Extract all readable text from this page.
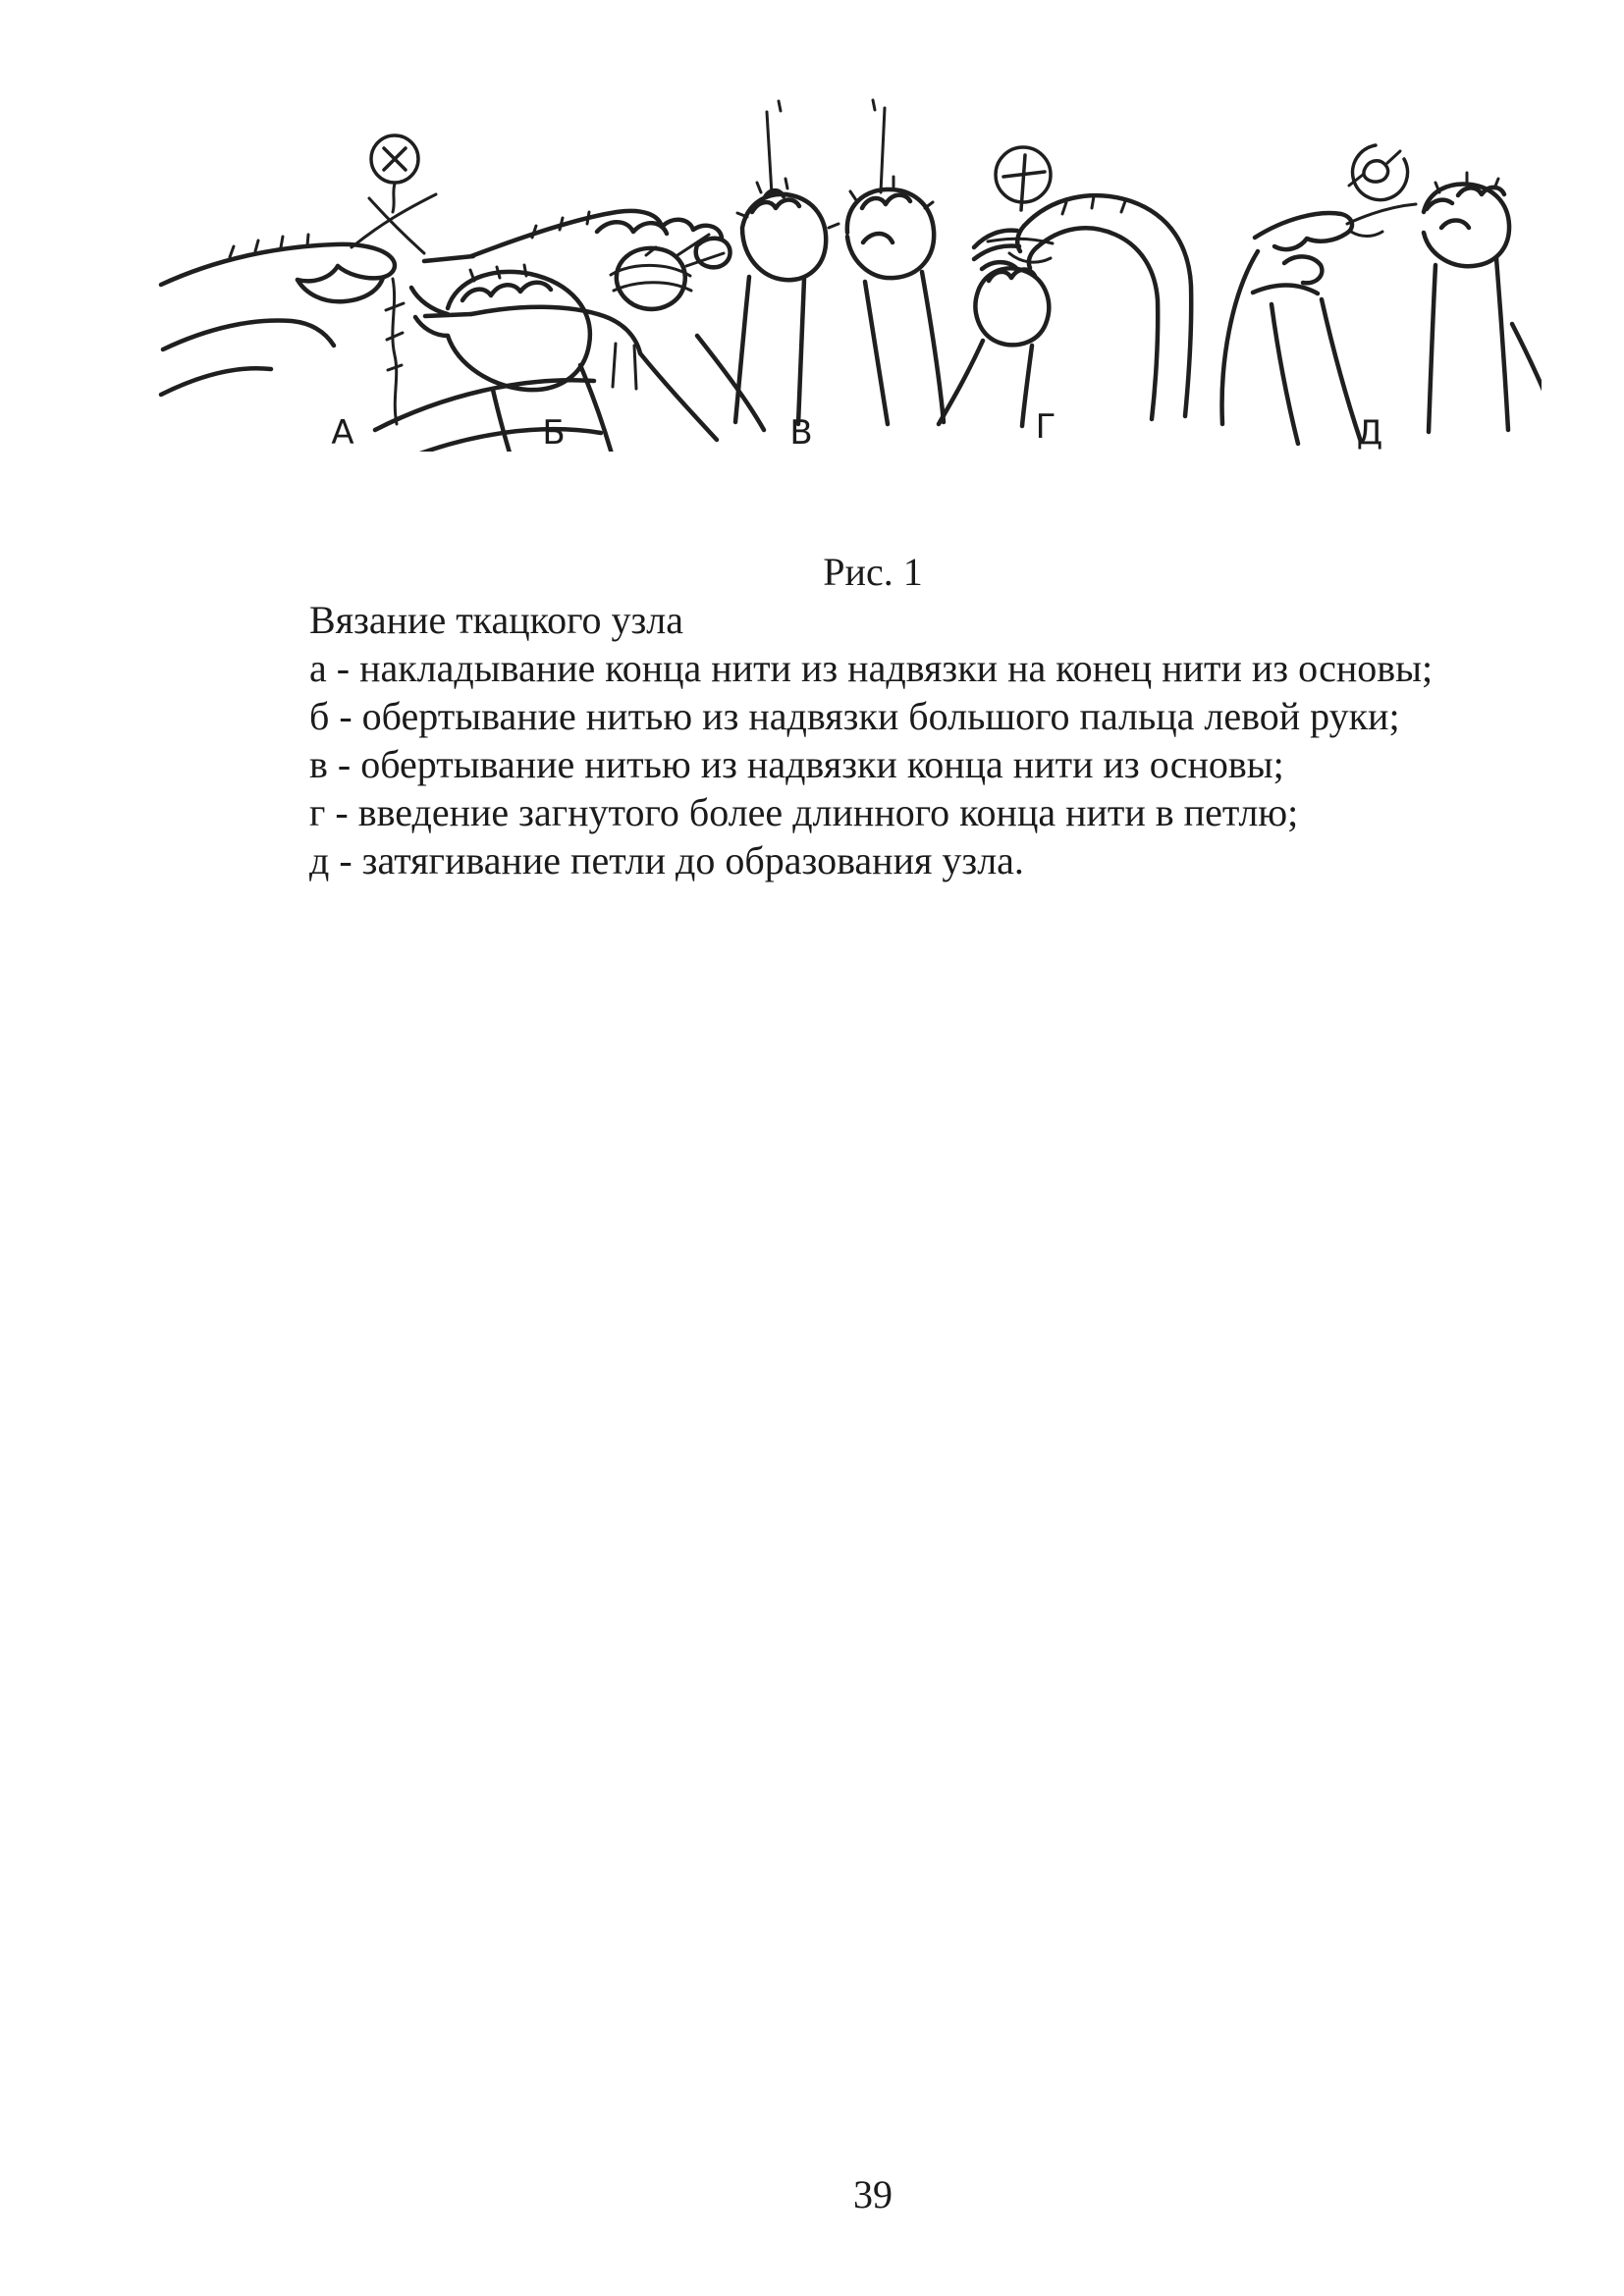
А	Б	В	Г	Д
Рис. 1
Вязание ткацкого узла
а - накладывание конца нити из надвязки на конец нити из основы;
б - обертывание нитью из надвязки большого пальца левой руки;
в - обертывание нитью из надвязки конца нити из основы;
г - введение загнутого более длинного конца нити в петлю;
д - затягивание петли до образования узла.
39
